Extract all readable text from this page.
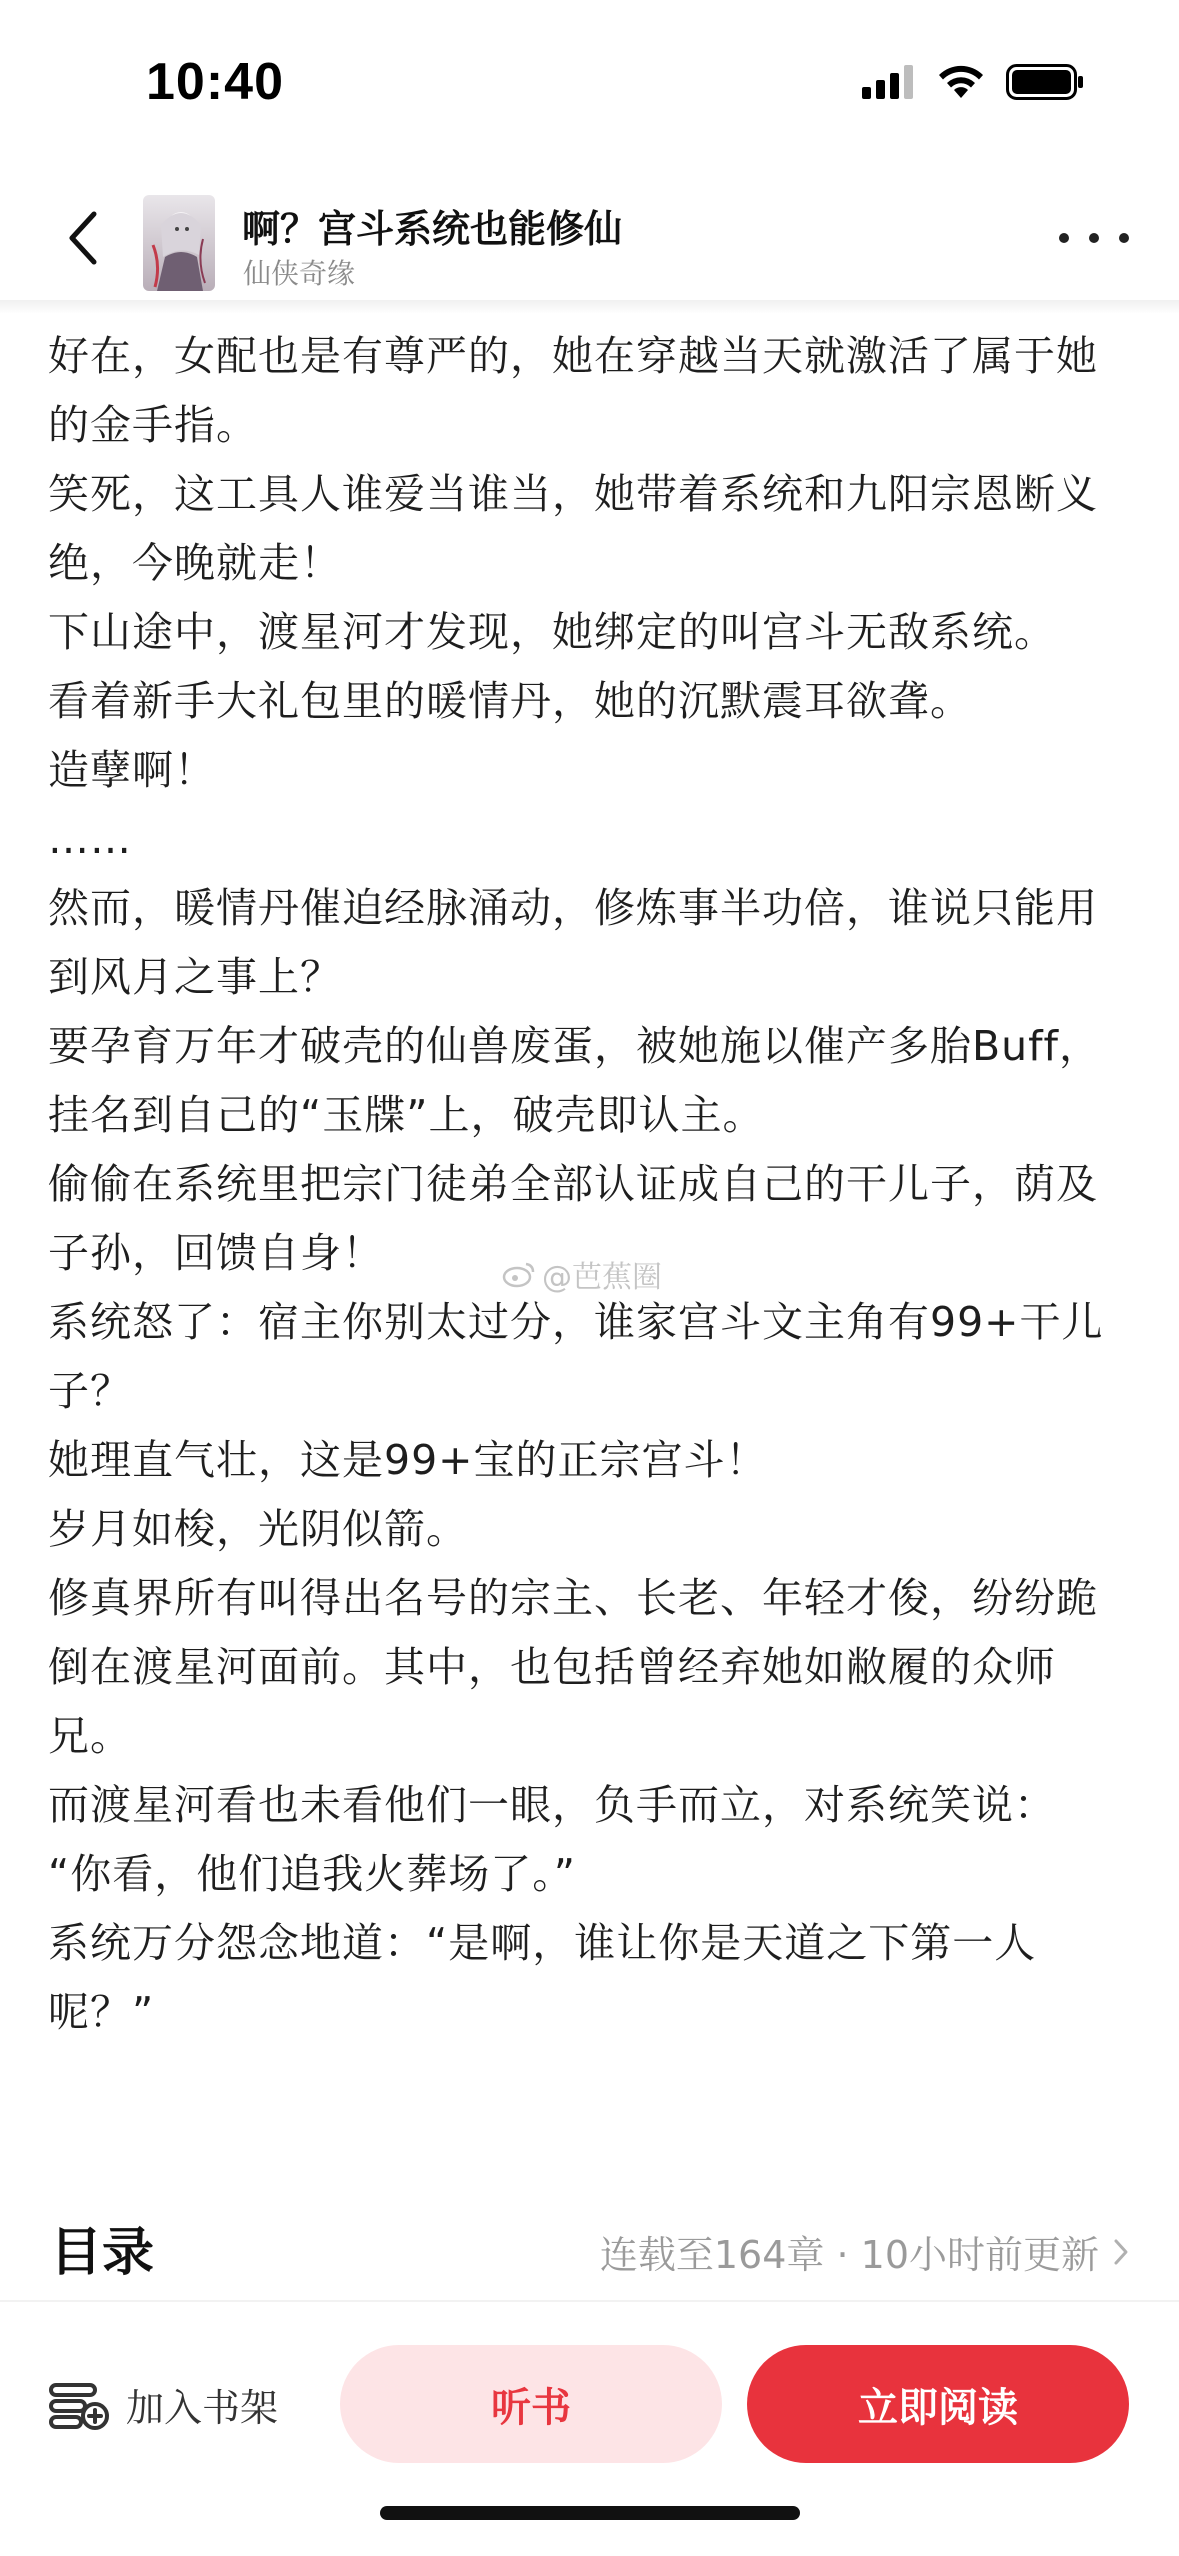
10:40
啊？宫斗系统也能修仙
仙侠奇缘

好在，女配也是有尊严的，她在穿越当天就激活了属于她的金手指。

笑死，这工具人谁爱当谁当，她带着系统和九阳宗恩断义绝，今晚就走！

下山途中，渡星河才发现，她绑定的叫宫斗无敌系统。

看着新手大礼包里的暖情丹，她的沉默震耳欲聋。

造孽啊！

……

然而，暖情丹催迫经脉涌动，修炼事半功倍，谁说只能用到风月之事上？

要孕育万年才破壳的仙兽废蛋，被她施以催产多胎Buff，挂名到自己的“玉牒”上，破壳即认主。

偷偷在系统里把宗门徒弟全部认证成自己的干儿子，荫及子孙，回馈自身！

系统怒了：宿主你别太过分，谁家宫斗文主角有99+干儿子？

她理直气壮，这是99+宝的正宗宫斗！

岁月如梭，光阴似箭。

修真界所有叫得出名号的宗主、长老、年轻才俊，纷纷跪倒在渡星河面前。其中，也包括曾经弃她如敝履的众师兄。

而渡星河看也未看他们一眼，负手而立，对系统笑说：

“你看，他们追我火葬场了。”

系统万分怨念地道：“是啊，谁让你是天道之下第一人呢？”

@芭蕉圈
目录	连载至164章 · 10小时前更新
加入书架	听书	立即阅读
